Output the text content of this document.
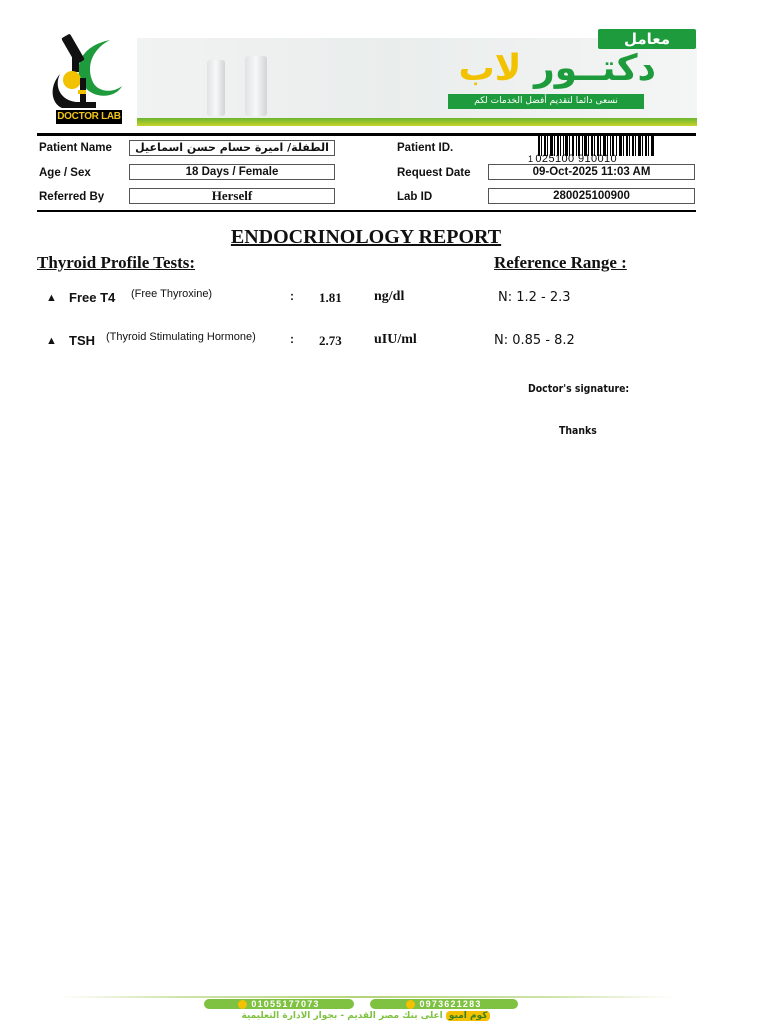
DOCTOR LAB
معامل
دكتــور لاب
نسعى دائما لتقديم أفضل الخدمات لكم
Patient Name	الطفلة/ اميرة حسام حسن اسماعيل	Patient ID.
1 025100 910010
Age / Sex	18 Days / Female	Request Date	09-Oct-2025 11:03 AM
Referred By	Herself	Lab ID	280025100900
ENDOCRINOLOGY REPORT
Thyroid Profile Tests:	Reference Range :
▲ Free T4 (Free Thyroxine)	: 1.81 ng/dl	N: 1.2 - 2.3
▲ TSH (Thyroid Stimulating Hormone)	: 2.73 uIU/ml	N: 0.85 - 8.2
Doctor's signature:
Thanks
01055177073	0973621283
كوم امبو اعلى بنك مصر القديم - بجوار الادارة التعليمية
